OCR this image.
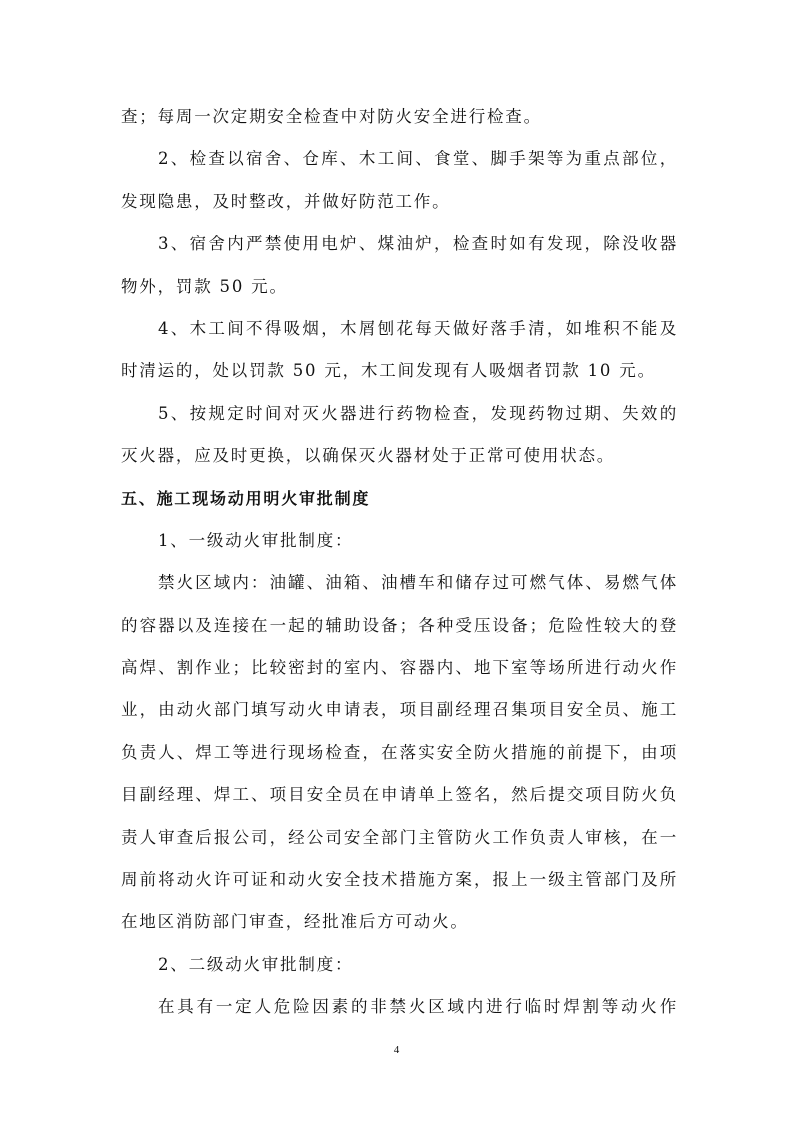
查；每周一次定期安全检查中对防火安全进行检查。
2、检查以宿舍、仓库、木工间、食堂、脚手架等为重点部位，
发现隐患，及时整改，并做好防范工作。
3、宿舍内严禁使用电炉、煤油炉，检查时如有发现，除没收器
物外，罚款 50 元。
4、木工间不得吸烟，木屑刨花每天做好落手清，如堆积不能及
时清运的，处以罚款 50 元，木工间发现有人吸烟者罚款 10 元。
5、按规定时间对灭火器进行药物检查，发现药物过期、失效的
灭火器，应及时更换，以确保灭火器材处于正常可使用状态。
五、施工现场动用明火审批制度
1、一级动火审批制度：
禁火区域内：油罐、油箱、油槽车和储存过可燃气体、易燃气体
的容器以及连接在一起的辅助设备；各种受压设备；危险性较大的登
高焊、割作业；比较密封的室内、容器内、地下室等场所进行动火作
业，由动火部门填写动火申请表，项目副经理召集项目安全员、施工
负责人、焊工等进行现场检查，在落实安全防火措施的前提下，由项
目副经理、焊工、项目安全员在申请单上签名，然后提交项目防火负
责人审查后报公司，经公司安全部门主管防火工作负责人审核，在一
周前将动火许可证和动火安全技术措施方案，报上一级主管部门及所
在地区消防部门审查，经批准后方可动火。
2、二级动火审批制度：
在具有一定人危险因素的非禁火区域内进行临时焊割等动火作
4
